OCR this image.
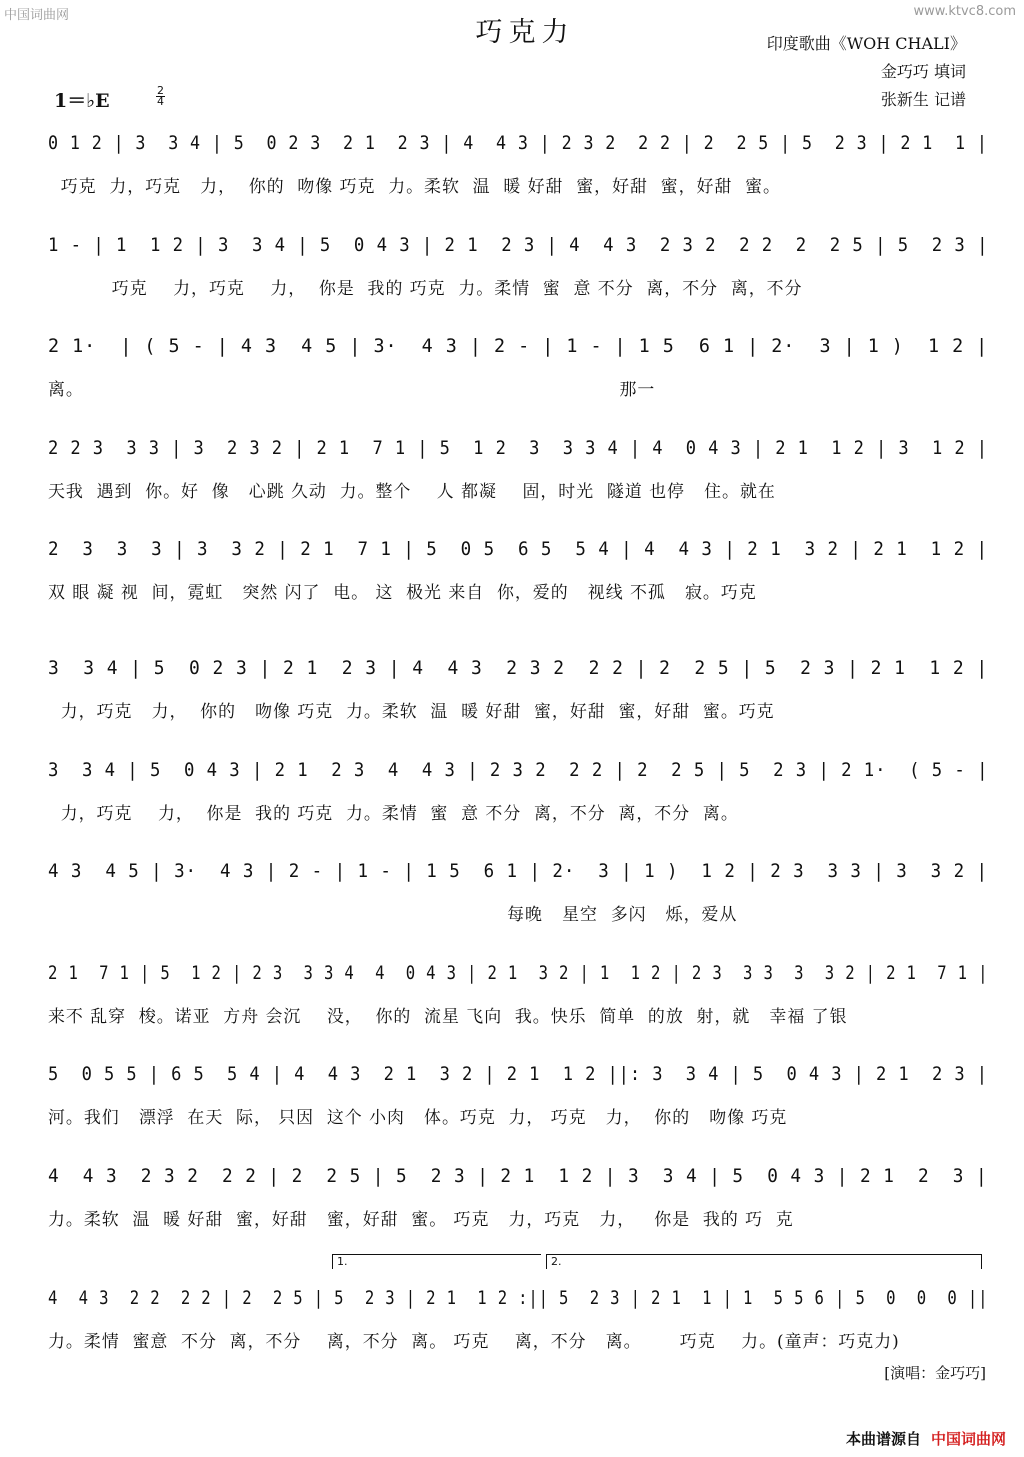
中国词曲网	www.ktvc8.com
巧克力	印度歌曲《WOH CHALI》
金巧巧 填词
张新生 记谱
1＝♭E	2
4
0 1 2 | 3  3 4 | 5  0 2 3  2 1  2 3 | 4  4 3 | 2 3 2  2 2 | 2  2 5 | 5  2 3 | 2 1  1 |
巧克  力，巧克   力，  你的  吻像 巧克  力。柔软  温  暖 好甜  蜜，好甜  蜜，好甜  蜜。
1 - | 1  1 2 | 3  3 4 | 5  0 4 3 | 2 1  2 3 | 4  4 3  2 3 2  2 2  2  2 5 | 5  2 3 |
巧克    力，巧克    力，  你是  我的 巧克  力。柔情  蜜  意 不分  离，不分  离，不分
2 1·  | ( 5 - | 4 3  4 5 | 3·  4 3 | 2 - | 1 - | 1 5  6 1 | 2·  3 | 1 )  1 2 |
离。                                                                                    那一
2 2 3  3 3 | 3  2 3 2 | 2 1  7 1 | 5  1 2  3  3 3 4 | 4  0 4 3 | 2 1  1 2 | 3  1 2 |
天我  遇到  你。好  像   心跳 久动  力。整个    人 都凝    固，时光  隧道 也停   住。就在
2  3  3  3 | 3  3 2 | 2 1  7 1 | 5  0 5  6 5  5 4 | 4  4 3 | 2 1  3 2 | 2 1  1 2 |
双 眼 凝 视  间，霓虹   突然 闪了  电。 这  极光 来自  你，爱的   视线 不孤   寂。巧克
3  3 4 | 5  0 2 3 | 2 1  2 3 | 4  4 3  2 3 2  2 2 | 2  2 5 | 5  2 3 | 2 1  1 2 |
力，巧克   力，  你的   吻像 巧克  力。柔软  温  暖 好甜  蜜，好甜  蜜，好甜  蜜。巧克
3  3 4 | 5  0 4 3 | 2 1  2 3  4  4 3 | 2 3 2  2 2 | 2  2 5 | 5  2 3 | 2 1·  ( 5 - |
力，巧克    力，  你是  我的 巧克  力。柔情  蜜  意 不分  离，不分  离，不分  离。
4 3  4 5 | 3·  4 3 | 2 - | 1 - | 1 5  6 1 | 2·  3 | 1 )  1 2 | 2 3  3 3 | 3  3 2 |
每晚   星空  多闪   烁，爱从
2 1  7 1 | 5  1 2 | 2 3  3 3 4  4  0 4 3 | 2 1  3 2 | 1  1 2 | 2 3  3 3  3  3 2 | 2 1  7 1 |
来不 乱穿  梭。诺亚  方舟 会沉    没，  你的  流星 飞向  我。快乐  简单  的放  射，就   幸福 了银
5  0 5 5 | 6 5  5 4 | 4  4 3  2 1  3 2 | 2 1  1 2 ||: 3  3 4 | 5  0 4 3 | 2 1  2 3 |
河。我们   漂浮  在天  际， 只因  这个 小肉   体。巧克  力， 巧克   力，  你的   吻像 巧克
4  4 3  2 3 2  2 2 | 2  2 5 | 5  2 3 | 2 1  1 2 | 3  3 4 | 5  0 4 3 | 2 1  2  3 |
力。柔软  温  暖 好甜  蜜，好甜   蜜，好甜  蜜。 巧克   力，巧克   力，   你是  我的 巧  克
4  4 3  2 2  2 2 | 2  2 5 | 5  2 3 | 2 1  1 2 :|| 5  2 3 | 2 1  1 | 1  5 5 6 | 5  0  0  0 ||
力。柔情  蜜意  不分  离，不分    离，不分  离。 巧克    离，不分   离。      巧克    力。(童声：巧克力)
1.	2.
[演唱：金巧巧]
本曲谱源自 中国词曲网
